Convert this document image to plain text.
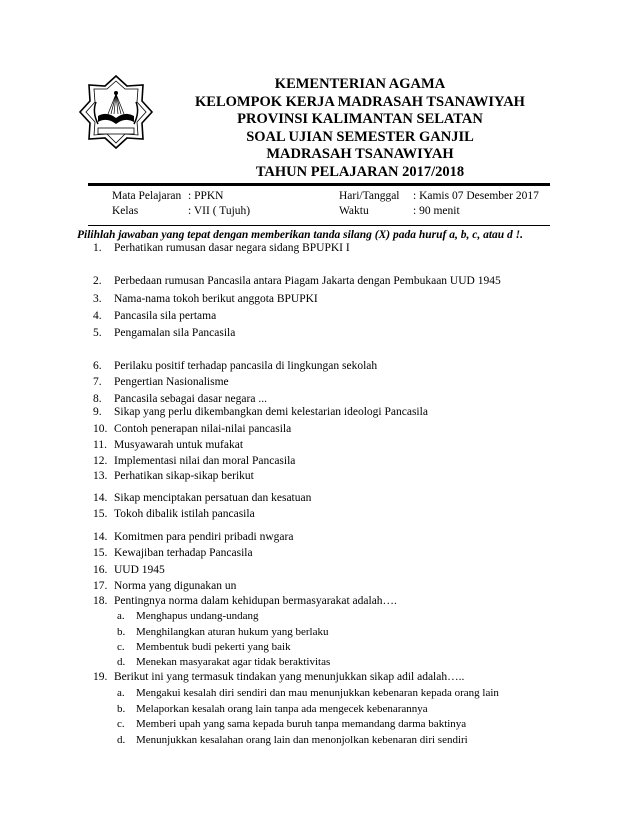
KEMENTERIAN AGAMA
KELOMPOK KERJA MADRASAH TSANAWIYAH
PROVINSI KALIMANTAN SELATAN
SOAL UJIAN SEMESTER GANJIL
MADRASAH TSANAWIYAH
TAHUN PELAJARAN 2017/2018
Mata Pelajaran : PPKN
Kelas	: VII ( Tujuh)
Hari/Tanggal : Kamis 07 Desember 2017
Waktu	: 90 menit
Pilihlah jawaban yang tepat dengan memberikan tanda silang (X) pada huruf a, b, c, atau d !.
1.	Perhatikan rumusan dasar negara sidang BPUPKI I
2.	Perbedaan rumusan Pancasila antara Piagam Jakarta dengan Pembukaan UUD 1945
3.	Nama-nama tokoh berikut anggota BPUPKI
4.	Pancasila sila pertama
5.	Pengamalan sila Pancasila
6.	Perilaku positif terhadap pancasila di lingkungan sekolah
7.	Pengertian Nasionalisme
8.	Pancasila sebagai dasar negara ...
9.	Sikap yang perlu dikembangkan demi kelestarian ideologi Pancasila
10. Contoh penerapan nilai-nilai pancasila
11. Musyawarah untuk mufakat
12. Implementasi nilai dan moral Pancasila
13. Perhatikan sikap-sikap berikut
14. Sikap menciptakan persatuan dan kesatuan
15. Tokoh dibalik istilah pancasila
14. Komitmen para pendiri pribadi nwgara
15. Kewajiban terhadap Pancasila
16. UUD 1945
17. Norma yang digunakan un
18. Pentingnya norma dalam kehidupan bermasyarakat adalah….
a. Menghapus undang-undang
b. Menghilangkan aturan hukum yang berlaku
c. Membentuk budi pekerti yang baik
d. Menekan masyarakat agar tidak beraktivitas
19. Berikut ini yang termasuk tindakan yang menunjukkan sikap adil adalah…..
a. Mengakui kesalah diri sendiri dan mau menunjukkan kebenaran kepada orang lain
b. Melaporkan kesalah orang lain tanpa ada mengecek kebenarannya
c. Memberi upah yang sama kepada buruh tanpa memandang darma baktinya
d. Menunjukkan kesalahan orang lain dan menonjolkan kebenaran diri sendiri
